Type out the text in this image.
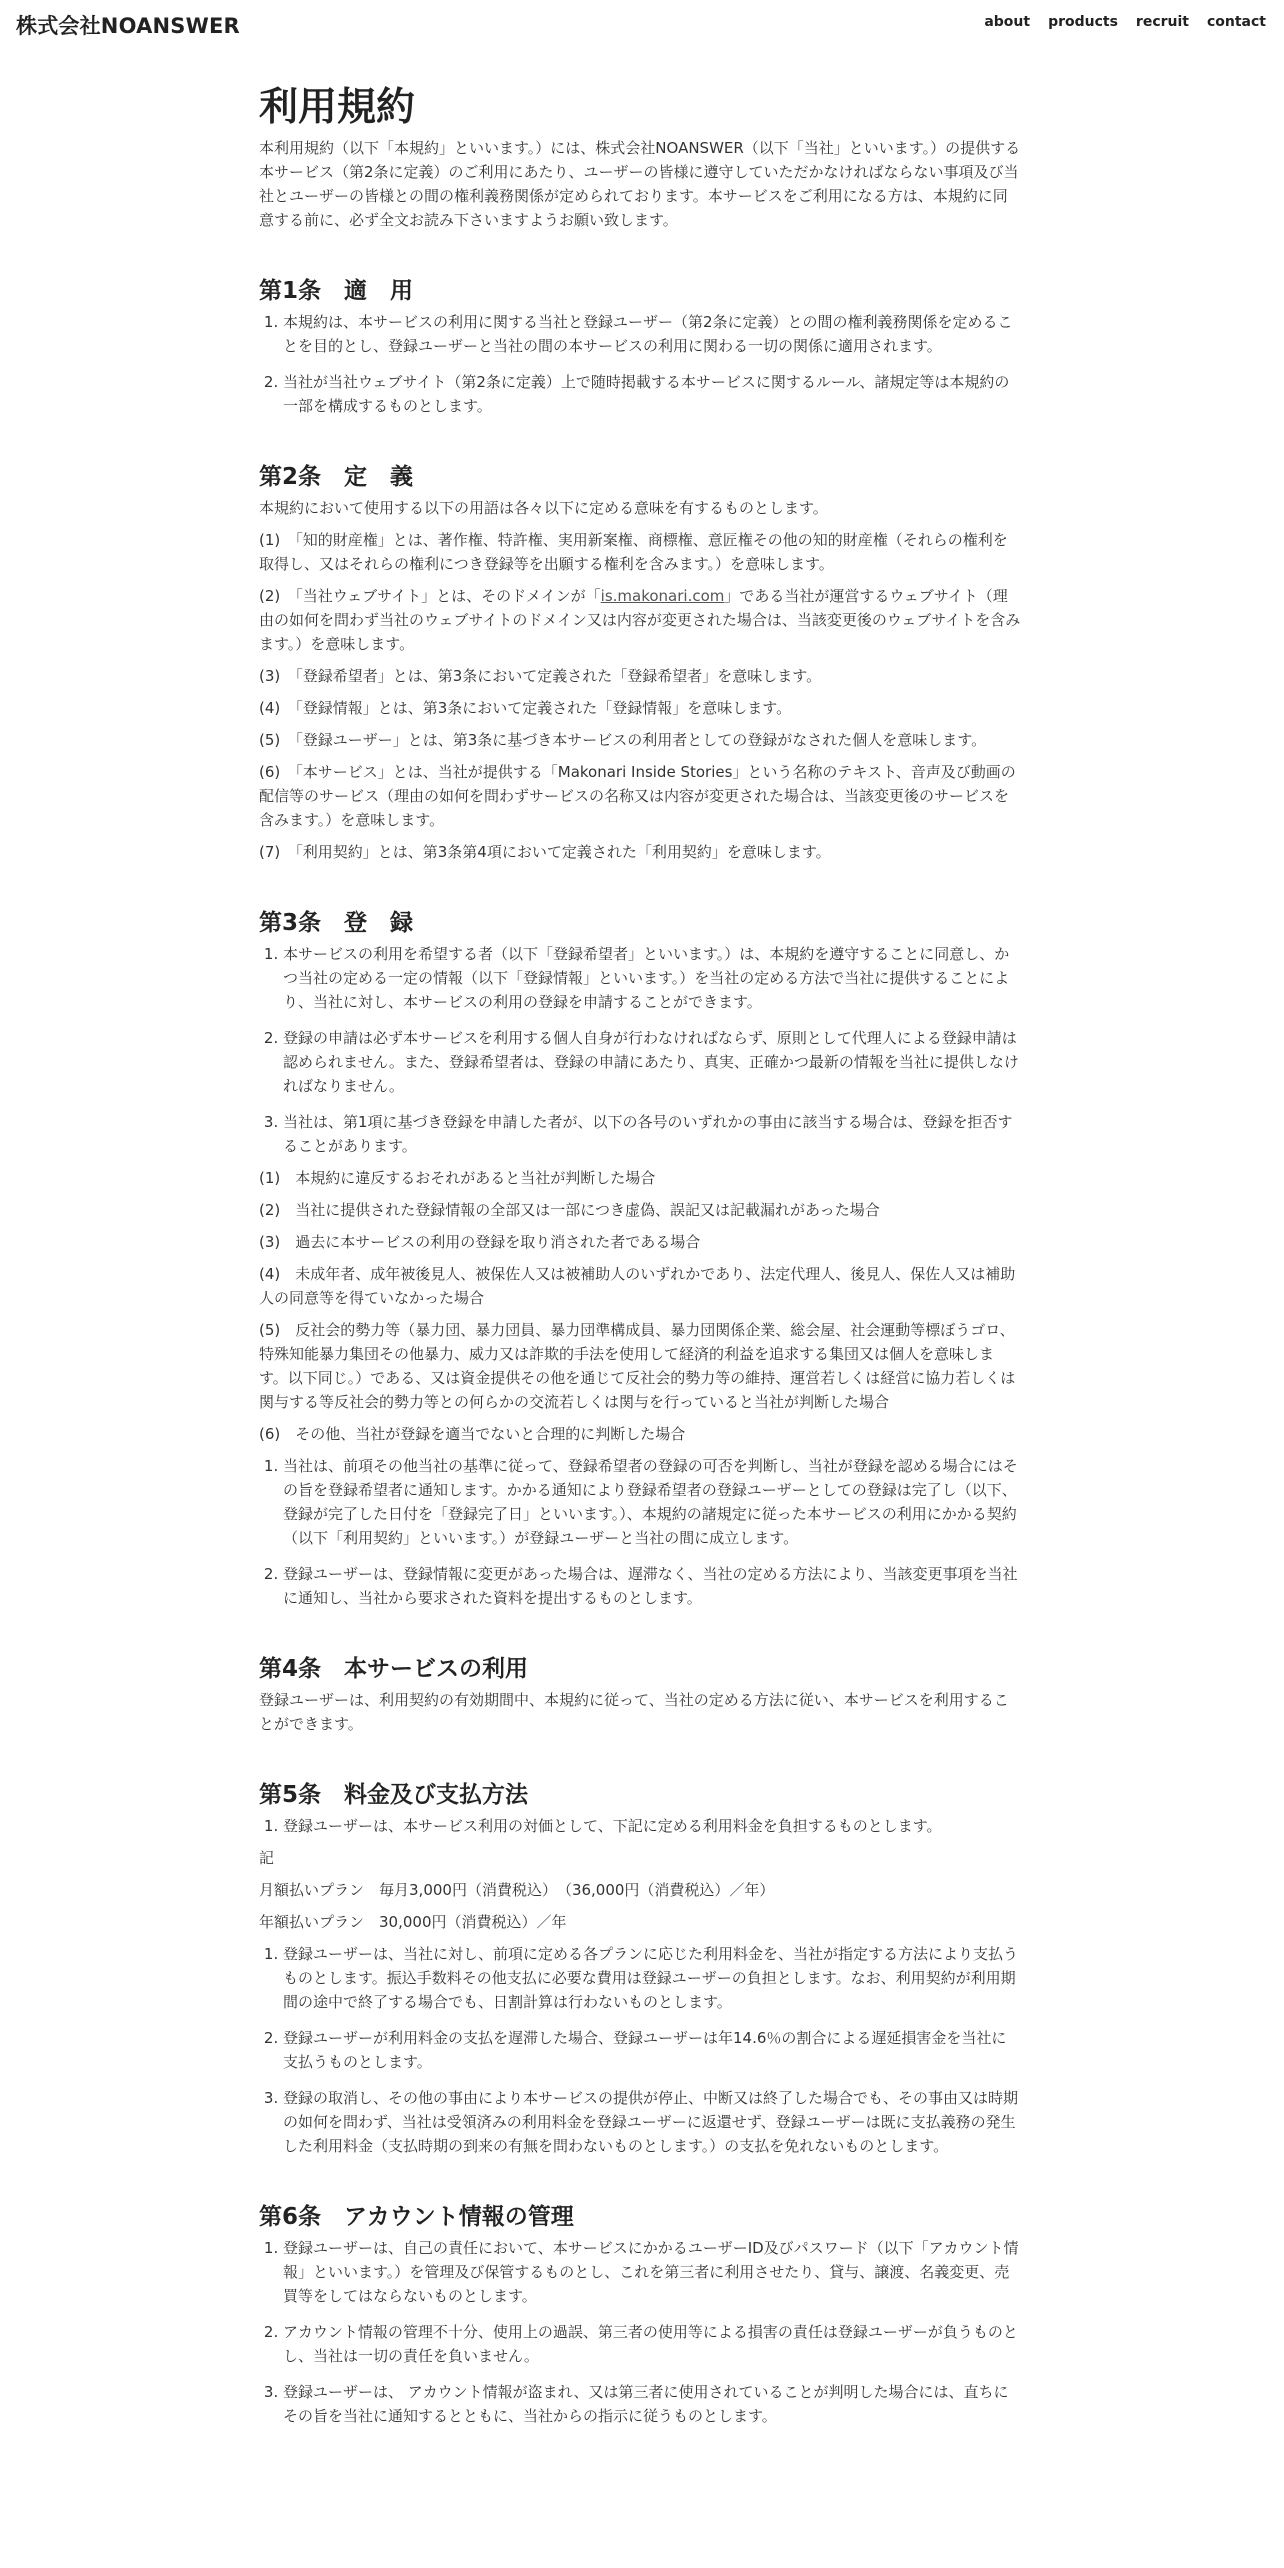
株式会社NOANSWER	about products recruit contact
利用規約

本利用規約（以下「本規約」といいます。）には、株式会社NOANSWER（以下「当社」といいます。）の提供する本サービス（第2条に定義）のご利用にあたり、ユーザーの皆様に遵守していただかなければならない事項及び当社とユーザーの皆様との間の権利義務関係が定められております。本サービスをご利用になる方は、本規約に同意する前に、必ず全文お読み下さいますようお願い致します。

第1条　適　用
1. 本規約は、本サービスの利用に関する当社と登録ユーザー（第2条に定義）との間の権利義務関係を定めることを目的とし、登録ユーザーと当社の間の本サービスの利用に関わる一切の関係に適用されます。
2. 当社が当社ウェブサイト（第2条に定義）上で随時掲載する本サービスに関するルール、諸規定等は本規約の一部を構成するものとします。
第2条　定　義

本規約において使用する以下の用語は各々以下に定める意味を有するものとします。

(1)　「知的財産権」とは、著作権、特許権、実用新案権、商標権、意匠権その他の知的財産権（それらの権利を取得し、又はそれらの権利につき登録等を出願する権利を含みます。）を意味します。
(2)　「当社ウェブサイト」とは、そのドメインが「is.makonari.com」である当社が運営するウェブサイト（理由の如何を問わず当社のウェブサイトのドメイン又は内容が変更された場合は、当該変更後のウェブサイトを含みます。）を意味します。
(3)　「登録希望者」とは、第3条において定義された「登録希望者」を意味します。
(4)　「登録情報」とは、第3条において定義された「登録情報」を意味します。
(5)　「登録ユーザー」とは、第3条に基づき本サービスの利用者としての登録がなされた個人を意味します。
(6)　「本サービス」とは、当社が提供する「Makonari Inside Stories」という名称のテキスト、音声及び動画の配信等のサービス（理由の如何を問わずサービスの名称又は内容が変更された場合は、当該変更後のサービスを含みます。）を意味します。
(7)　「利用契約」とは、第3条第4項において定義された「利用契約」を意味します。
第3条　登　録
1. 本サービスの利用を希望する者（以下「登録希望者」といいます。）は、本規約を遵守することに同意し、かつ当社の定める一定の情報（以下「登録情報」といいます。）を当社の定める方法で当社に提供することにより、当社に対し、本サービスの利用の登録を申請することができます。
2. 登録の申請は必ず本サービスを利用する個人自身が行わなければならず、原則として代理人による登録申請は認められません。また、登録希望者は、登録の申請にあたり、真実、正確かつ最新の情報を当社に提供しなければなりません。
3. 当社は、第1項に基づき登録を申請した者が、以下の各号のいずれかの事由に該当する場合は、登録を拒否することがあります。
(1)　本規約に違反するおそれがあると当社が判断した場合
(2)　当社に提供された登録情報の全部又は一部につき虚偽、誤記又は記載漏れがあった場合
(3)　過去に本サービスの利用の登録を取り消された者である場合
(4)　未成年者、成年被後見人、被保佐人又は被補助人のいずれかであり、法定代理人、後見人、保佐人又は補助人の同意等を得ていなかった場合
(5)　反社会的勢力等（暴力団、暴力団員、暴力団準構成員、暴力団関係企業、総会屋、社会運動等標ぼうゴロ、特殊知能暴力集団その他暴力、威力又は詐欺的手法を使用して経済的利益を追求する集団又は個人を意味します。以下同じ。）である、又は資金提供その他を通じて反社会的勢力等の維持、運営若しくは経営に協力若しくは関与する等反社会的勢力等との何らかの交流若しくは関与を行っていると当社が判断した場合
(6)　その他、当社が登録を適当でないと合理的に判断した場合
1. 当社は、前項その他当社の基準に従って、登録希望者の登録の可否を判断し、当社が登録を認める場合にはその旨を登録希望者に通知します。かかる通知により登録希望者の登録ユーザーとしての登録は完了し（以下、登録が完了した日付を「登録完了日」といいます。）、本規約の諸規定に従った本サービスの利用にかかる契約（以下「利用契約」といいます。）が登録ユーザーと当社の間に成立します。
2. 登録ユーザーは、登録情報に変更があった場合は、遅滞なく、当社の定める方法により、当該変更事項を当社に通知し、当社から要求された資料を提出するものとします。
第4条　本サービスの利用

登録ユーザーは、利用契約の有効期間中、本規約に従って、当社の定める方法に従い、本サービスを利用することができます。

第5条　料金及び支払方法
1. 登録ユーザーは、本サービス利用の対価として、下記に定める利用料金を負担するものとします。

記

月額払いプラン　毎月3,000円（消費税込）　（36,000円（消費税込）／年）

年額払いプラン　30,000円（消費税込）／年

1. 登録ユーザーは、当社に対し、前項に定める各プランに応じた利用料金を、当社が指定する方法により支払うものとします。振込手数料その他支払に必要な費用は登録ユーザーの負担とします。なお、利用契約が利用期間の途中で終了する場合でも、日割計算は行わないものとします。
2. 登録ユーザーが利用料金の支払を遅滞した場合、登録ユーザーは年14.6％の割合による遅延損害金を当社に支払うものとします。
3. 登録の取消し、その他の事由により本サービスの提供が停止、中断又は終了した場合でも、その事由又は時期の如何を問わず、当社は受領済みの利用料金を登録ユーザーに返還せず、登録ユーザーは既に支払義務の発生した利用料金（支払時期の到来の有無を問わないものとします。）の支払を免れないものとします。
第6条　アカウント情報の管理
1. 登録ユーザーは、自己の責任において、本サービスにかかるユーザーID及びパスワード（以下「アカウント情報」といいます。）を管理及び保管するものとし、これを第三者に利用させたり、貸与、譲渡、名義変更、売買等をしてはならないものとします。
2. アカウント情報の管理不十分、使用上の過誤、第三者の使用等による損害の責任は登録ユーザーが負うものとし、当社は一切の責任を負いません。
3. 登録ユーザーは、 アカウント情報が盗まれ、又は第三者に使用されていることが判明した場合には、直ちにその旨を当社に通知するとともに、当社からの指示に従うものとします。
